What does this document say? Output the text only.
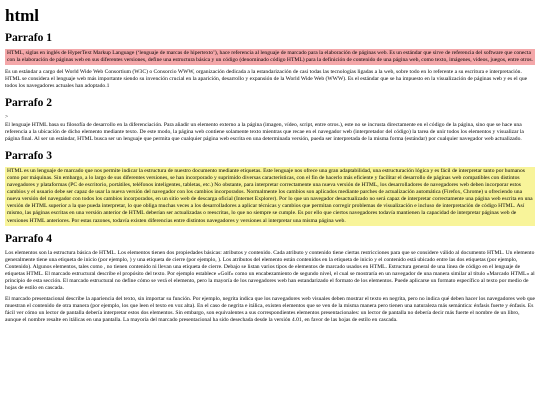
html
Parrafo 1

HTML, siglas en inglés de HyperText Markup Language (‘lenguaje de marcas de hipertexto’), hace referencia al lenguaje de marcado para la elaboración de páginas web. Es un estándar que sirve de referencia del software que conecta con la elaboración de páginas web en sus diferentes versiones, define una estructura básica y un código (denominado código HTML) para la definición de contenido de una página web, como texto, imágenes, videos, juegos, entre otros.

Es un estándar a cargo del World Wide Web Consortium (W3C) o Consorcio WWW, organización dedicada a la estandarización de casi todas las tecnologías ligadas a la web, sobre todo en lo referente a su escritura e interpretación. HTML se considera el lenguaje web más importante siendo su invención crucial en la aparición, desarrollo y expansión de la World Wide Web (WWW). Es el estándar que se ha impuesto en la visualización de páginas web y es el que todos los navegadores actuales han adoptado.1

Parrafo 2

>

El lenguaje HTML basa su filosofía de desarrollo en la diferenciación. Para añadir un elemento externo a la página (imagen, vídeo, script, entre otros.), este no se incrusta directamente en el código de la página, sino que se hace una referencia a la ubicación de dicho elemento mediante texto. De este modo, la página web contiene solamente texto mientras que recae en el navegador web (interpretador del código) la tarea de unir todos los elementos y visualizar la página final. Al ser un estándar, HTML busca ser un lenguaje que permita que cualquier página web escrita en una determinada versión, pueda ser interpretada de la misma forma (estándar) por cualquier navegador web actualizado.

Parrafo 3

HTML es un lenguaje de marcado que nos permite indicar la estructura de nuestro documento mediante etiquetas. Este lenguaje nos ofrece una gran adaptabilidad, una estructuración lógica y es fácil de interpretar tanto por humanos como por máquinas. Sin embargo, a lo largo de sus diferentes versiones, se han incorporado y suprimido diversas características, con el fin de hacerlo más eficiente y facilitar el desarrollo de páginas web compatibles con distintos navegadores y plataformas (PC de escritorio, portátiles, teléfonos inteligentes, tabletas, etc.) No obstante, para interpretar correctamente una nueva versión de HTML, los desarrolladores de navegadores web deben incorporar estos cambios y el usuario debe ser capaz de usar la nueva versión del navegador con los cambios incorporados. Normalmente los cambios son aplicados mediante parches de actualización automática (Firefox, Chrome) u ofreciendo una nueva versión del navegador con todos los cambios incorporados, en un sitio web de descarga oficial (Internet Explorer). Por lo que un navegador desactualizado no será capaz de interpretar correctamente una página web escrita en una versión de HTML superior a la que pueda interpretar, lo que obliga muchas veces a los desarrolladores a aplicar técnicas y cambios que permitan corregir problemas de visualización e incluso de interpretación de código HTML. Así mismo, las páginas escritas en una versión anterior de HTML deberían ser actualizadas o reescritas, lo que no siempre se cumple. Es por ello que ciertos navegadores todavía mantienen la capacidad de interpretar páginas web de versiones HTML anteriores. Por estas razones, todavía existen diferencias entre distintos navegadores y versiones al interpretar una misma página web.

Parrafo 4

Los elementos son la estructura básica de HTML. Los elementos tienen dos propiedades básicas: atributos y contenido. Cada atributo y contenido tiene ciertas restricciones para que se considere válido al documento HTML. Un elemento generalmente tiene una etiqueta de inicio (por ejemplo, ) y una etiqueta de cierre (por ejemplo, ). Los atributos del elemento están contenidos en la etiqueta de inicio y el contenido está ubicado entre las dos etiquetas (por ejemplo, Contenido). Algunos elementos, tales como , no tienen contenido ni llevan una etiqueta de cierre. Debajo se listan varios tipos de elementos de marcado usados en HTML. Estructura general de una línea de código en el lenguaje de etiquetas HTML. El marcado estructural describe el propósito del texto. Por ejemplo establece «Golf» como un encabezamiento de segundo nivel, el cual se mostraría en un navegador de una manera similar al título «Marcado HTML» al principio de esta sección. El marcado estructural no define cómo se verá el elemento, pero la mayoría de los navegadores web han estandarizado el formato de los elementos. Puede aplicarse un formato específico al texto por medio de hojas de estilo en cascada.

El marcado presentacional describe la apariencia del texto, sin importar su función. Por ejemplo, negrita indica que los navegadores web visuales deben mostrar el texto en negrita, pero no indica qué deben hacer los navegadores web que muestran el contenido de otra manera (por ejemplo, los que leen el texto en voz alta). En el caso de negrita e itálica, existen elementos que se ven de la misma manera pero tienen una naturaleza más semántica: énfasis fuerte y énfasis. Es fácil ver cómo un lector de pantalla debería interpretar estos dos elementos. Sin embargo, son equivalentes a sus correspondientes elementos presentacionales: un lector de pantalla no debería decir más fuerte el nombre de un libro, aunque el nombre resalte en itálicas en una pantalla. La mayoría del marcado presentacional ha sido desechada desde la versión 4.01, en favor de las hojas de estilo en cascada.
